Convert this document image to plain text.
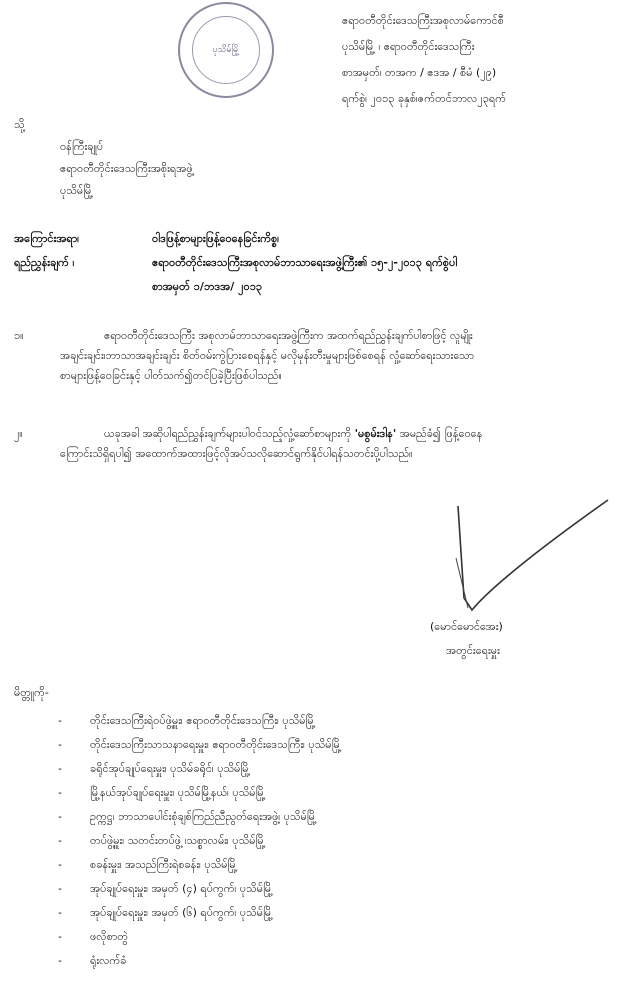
ပုသိမ်မြို့
ဧရာဝတီတိုင်းဒေသကြီးအစုလာမ်ကောင်စီ
ပုသိမ်မြို့ ၊ ဧရာဝတီတိုင်းဒေသကြီး
စာအမှတ်၊ တအက / ဧဒအ / စီမံ (၂၉)
ရက်စွဲ၊ ၂၀၁၃ ခုနှစ်၊ဇက်တင်ဘာလ၂၃ရက်
သို့
ဝန်ကြီးချုပ်
ဧရာဝတီတိုင်းဒေသကြီးအစိုးရအဖွဲ့
ပုသိမ်မြို့
အကြောင်းအရာ၊	ဝါဒဖြန့်စာများဖြန့်ဝေနေခြင်းကိစ္စ၊
ရည်ညွှန်းချက် ၊	ဧရာဝတီတိုင်းဒေသကြီးအစုလာမ်ဘာသာရေးအဖွဲ့ကြီး၏ ၁၅-၂-၂၀၁၃ ရက်စွဲပါ
စာအမှတ် ၁/ဘဒအ/ ၂၀၁၃
၁။	ဧရာဝတီတိုင်းဒေသကြီး အစုလာမ်ဘာသာရေးအဖွဲ့ကြီးက အထက်ရည်ညွှန်းချက်ပါစာဖြင့် လူမျိုး
အချင်းချင်း၊ဘာသာအချင်းချင်း စိတ်ဝမ်းကွဲပြားစေရန်နှင့် မလိုမုန်းတီးမှုများဖြစ်စေရန် လှုံ့ဆော်ရေးသားသော
စာများဖြန့်ဝေခြင်းနှင့် ပါတ်သက်၍တင်ပြခဲ့ပြီးဖြစ်ပါသည်။
၂။	ယခုအခါ အဆိုပါရည်ညွှန်းချက်များပါဝင်သည့်လှုံ့ဆော်စာများကို 'မစွမ်းဒါန' အမည်ခံ၍ ဖြန့်ဝေနေ
ကြောင်းသိရှိရပါ၍ အထောက်အထားဖြင့်လိုအပ်သလိုဆောင်ရွက်နိုင်ပါရန်သတင်းပို့ပါသည်။
(မောင်မောင်အေး)
အတွင်းရေးမှူး
မိတ္တူကို-
-	တိုင်းဒေသကြီးရဲဝပ်ဖွဲ့မှူး၊ ဧရာဝတီတိုင်းဒေသကြီး၊ ပုသိမ်မြို့
-	တိုင်းဒေသကြီးသာသနာရေးမှူး၊ ဧရာဝတီတိုင်းဒေသကြီး၊ ပုသိမ်မြို့
-	ခရိုင်အုပ်ချုပ်ရေးမှူး၊ ပုသိမ်ခရိုင်၊ ပုသိမ်မြို့
-	မြို့နယ်အုပ်ချုပ်ရေးမှူး၊ ပုသိမ်မြို့နယ်၊ ပုသိမ်မြို့
-	ဥက္ကဋ္ဌ၊ ဘာသာပေါင်းစုံချစ်ကြည်ညီညွတ်ရေးအဖွဲ့၊ ပုသိမ်မြို့
-	တပ်ဖွဲ့မှူး၊ သတင်းတပ်ဖွဲ့ ၊သစ္စာလမ်း၊ ပုသိမ်မြို့
-	စခန်းမှူး၊ အသည်ကြီးရဲစခန်း၊ ပုသိမ်မြို့
-	အုပ်ချုပ်ရေးမှူး၊ အမှတ် (၄) ရပ်ကွက်၊ ပုသိမ်မြို့
-	အုပ်ချုပ်ရေးမှူး၊ အမှတ် (၆) ရပ်ကွက်၊ ပုသိမ်မြို့
-	ဖလိုစာတွဲ
-	ရုံးလက်ခံ
